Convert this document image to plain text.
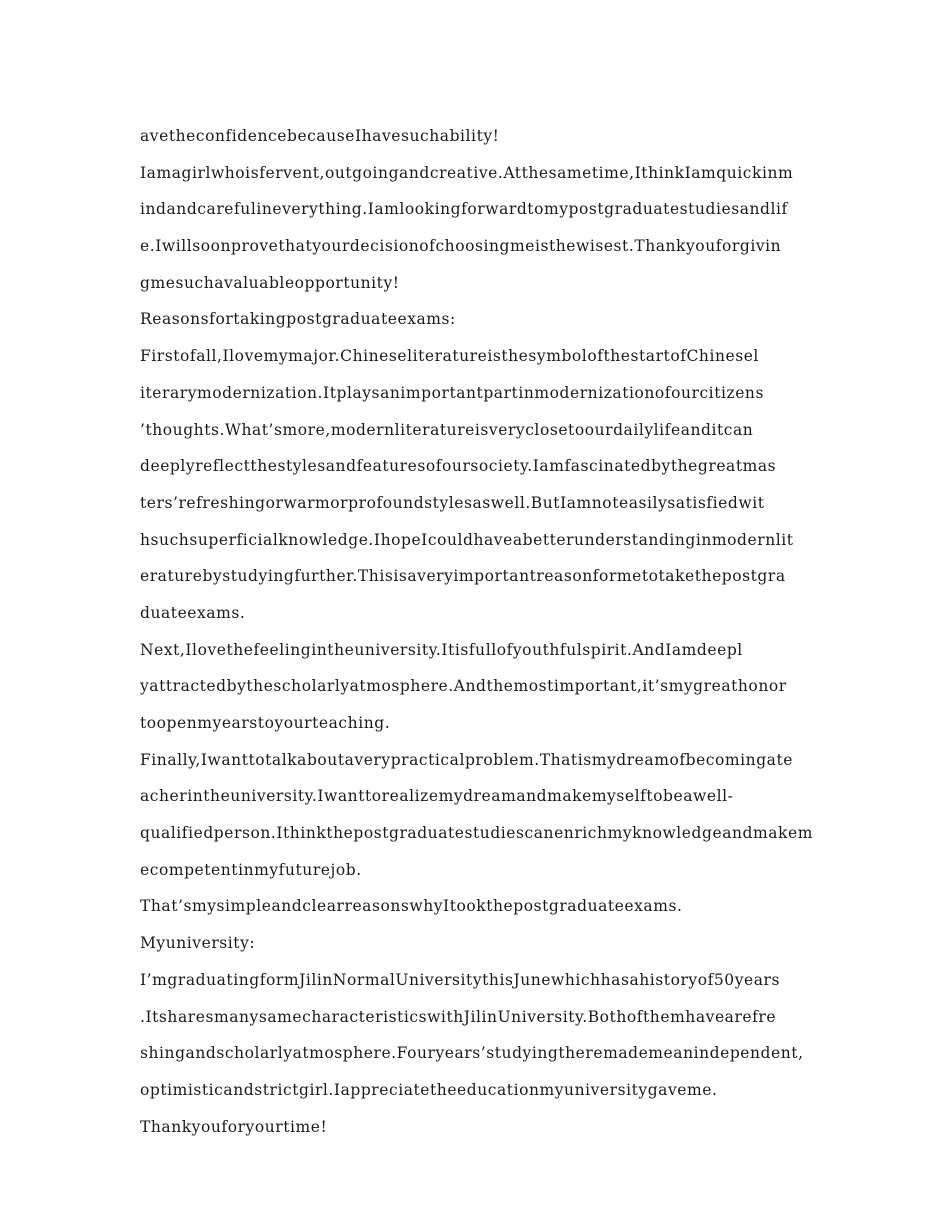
avetheconfidencebecauseIhavesuchability!
Iamagirlwhoisfervent,outgoingandcreative.Atthesametime,IthinkIamquickinm
indandcarefulineverything.Iamlookingforwardtomypostgraduatestudiesandlif
e.Iwillsoonprovethatyourdecisionofchoosingmeisthewisest.Thankyouforgivin
gmesuchavaluableopportunity!
Reasonsfortakingpostgraduateexams:
Firstofall,Ilovemymajor.ChineseliteratureisthesymbolofthestartofChinesel
iterarymodernization.Itplaysanimportantpartinmodernizationofourcitizens
’thoughts.What’smore,modernliteratureisveryclosetoourdailylifeanditcan
deeplyreflectthestylesandfeaturesofoursociety.Iamfascinatedbythegreatmas
ters’refreshingorwarmorprofoundstylesaswell.ButIamnoteasilysatisfiedwit
hsuchsuperficialknowledge.IhopeIcouldhaveabetterunderstandinginmodernlit
eraturebystudyingfurther.Thisisaveryimportantreasonformetotakethepostgra
duateexams.
Next,Ilovethefeelingintheuniversity.Itisfullofyouthfulspirit.AndIamdeepl
yattractedbythescholarlyatmosphere.Andthemostimportant,it’smygreathonor
toopenmyearstoyourteaching.
Finally,Iwanttotalkaboutaverypracticalproblem.Thatismydreamofbecomingate
acherintheuniversity.Iwanttorealizemydreamandmakemyselftobeawell-
qualifiedperson.Ithinkthepostgraduatestudiescanenrichmyknowledgeandmakem
ecompetentinmyfuturejob.
That’smysimpleandclearreasonswhyItookthepostgraduateexams.
Myuniversity:
I’mgraduatingformJilinNormalUniversitythisJunewhichhasahistoryof50years
.ItsharesmanysamecharacteristicswithJilinUniversity.Bothofthemhavearefre
shingandscholarlyatmosphere.Fouryears’studyingtheremademeanindependent,
optimisticandstrictgirl.Iappreciatetheeducationmyuniversitygaveme.
Thankyouforyourtime!
